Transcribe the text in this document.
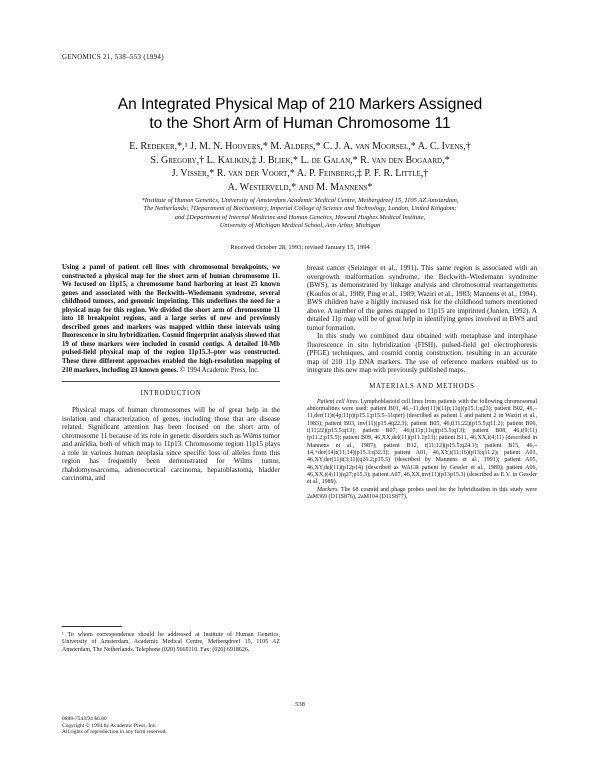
GENOMICS 21, 538–553 (1994)
An Integrated Physical Map of 210 Markers Assigned
to the Short Arm of Human Chromosome 11
E. Redeker,*,¹ J. M. N. Hoovers,* M. Alders,* C. J. A. van Moorsel,* A. C. Ivens,†
S. Gregory,† L. Kalikin,‡ J. Bliek,* L. de Galan,* R. van den Bogaard,*
J. Visser,* R. van der Voort,* A. P. Feinberg,‡ P. F. R. Little,†
A. Westerveld,* and M. Mannens*
*Institute of Human Genetics, University of Amsterdam Academic Medical Centre, Meibergdreef 15, 1105 AZ Amsterdam,
The Netherlands; †Department of Biochemistry, Imperial College of Science and Technology, London, United Kingdom;
and ‡Department of Internal Medicine and Human Genetics, Howard Hughes Medical Institute,
University of Michigan Medical School, Ann Arbor, Michigan
Received October 28, 1993; revised January 15, 1994

Using a panel of patient cell lines with chromosomal breakpoints, we constructed a physical map for the short arm of human chromosome 11. We focused on 11p15, a chromosome band harboring at least 25 known genes and associated with the Beckwith–Wiedemann syndrome, several childhood tumors, and genomic imprinting. This underlines the need for a physical map for this region. We divided the short arm of chromosome 11 into 18 breakpoint regions, and a large series of new and previously described genes and markers was mapped within these intervals using fluorescence in situ hybridization. Cosmid fingerprint analysis showed that 19 of these markers were included in cosmid contigs. A detailed 10-Mb pulsed-field physical map of the region 11p15.3–pter was constructed. These three different approaches enabled the high-resolution mapping of 210 markers, including 23 known genes. © 1994 Academic Press, Inc.

INTRODUCTION

Physical maps of human chromosomes will be of great help in the isolation and characterization of genes, including those that are disease related. Significant attention has been focused on the short arm of chromosome 11 because of its role in genetic disorders such as Wilms tumor and aniridia, both of which map to 11p13. Chromosome region 11p15 plays a role in various human neoplasia since specific loss of alleles from this region has frequently been demonstrated for Wilms tumor, rhabdomyosarcoma, adrenocortical carcinoma, hepatoblastoma, bladder carcinoma, and

¹ To whom correspondence should be addressed at Institute of Human Genetics, University of Amsterdam, Academic Medical Centre, Meibergdreef 15, 1105 AZ Amsterdam, The Netherlands. Telephone (020) 5665110. Fax: (020) 6918626.

breast cancer (Seizinger et al., 1991). This same region is associated with an overgrowth malformation syndrome, the Beckwith–Wiedemann syndrome (BWS), as demonstrated by linkage analysis and chromosomal rearrangements (Koufos et al., 1989; Ping et al., 1989; Waziri et al., 1983; Mannens et al., 1994). BWS children have a highly increased risk for the childhood tumors mentioned above. A number of the genes mapped to 11p15 are imprinted (Junien, 1992). A detailed 11p map will be of great help in identifying genes involved in BWS and tumor formation.

In this study we combined data obtained with metaphase and interphase fluorescence in situ hybridization (FISH), pulsed-field gel electrophoresis (PFGE) techniques, and cosmid contig construction, resulting in an accurate map of 210 11p DNA markers. The use of reference markers enabled us to integrate this new map with previously published maps.

MATERIALS AND METHODS

Patient cell lines. Lymphoblastoid cell lines from patients with the following chromosomal abnormalities were used: patient B01, 46,–11,der(11)t(11p;11q)(p15.1;q23); patient B02, 46,–11,der(11)t(4p;11p)(p15.1;p15.5–11qter) (described as patient 1 and patient 2 in Waziri et al., 1983); patient B03, inv(11)(p15.4q22.3); patient B05, 46,t(11;22)(p15.5;q11.2); patient B06, t(11;22)(p15.5;q13); patient B07, 46,t(11p;11q)(p15.5;q13); patient B08, 46,t(9;11)(p11.2;p15.5); patient B09, 46,XX,del(11)(p11.1p13); patient B11, 46,XX,t(4;11) (described in Mannens et al., 1987); patient B12, t(11;12)(p15.5;q24.1); patient B15, 46,–14,+der(14)t(11;14)(p15.3;q32.3); patient A01, 46,XY,t(11;16)(p13;q11.2); patient A03, 46,XY,der(11)t(3;11)(q26.2;p15.5) (described by Mannens et al., 1991); patient A05, 46,XY,del(11)(p12p14) (described as WAGR patient by Gessler et al., 1989); patient A06, 46,XX,t(4;11)(q27;p15.3); patient A07, 46,XX,inv(11)(p13p15.3) (described as E.V. in Gessler et al., 1989).

Markers. The 68 cosmid and phage probes used for the hybridization in this study were 2aM369 (D11S876), 2aM104 (D11S877).

538
0888-7543/94 $6.00
Copyright © 1994 by Academic Press, Inc.
All rights of reproduction in any form reserved.
